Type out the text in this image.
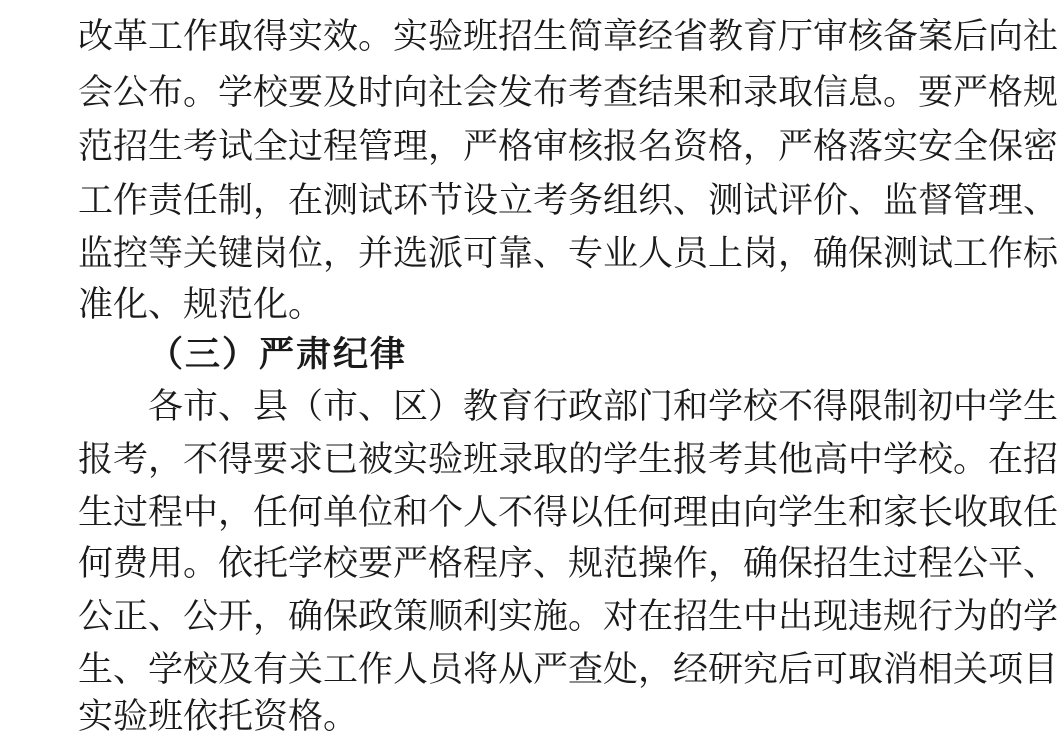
改革工作取得实效。实验班招生简章经省教育厅审核备案后向社
会公布。学校要及时向社会发布考查结果和录取信息。要严格规
范招生考试全过程管理，严格审核报名资格，严格落实安全保密
工作责任制，在测试环节设立考务组织、测试评价、监督管理、
监控等关键岗位，并选派可靠、专业人员上岗，确保测试工作标
准化、规范化。
（三）严肃纪律
各市、县（市、区）教育行政部门和学校不得限制初中学生
报考，不得要求已被实验班录取的学生报考其他高中学校。在招
生过程中，任何单位和个人不得以任何理由向学生和家长收取任
何费用。依托学校要严格程序、规范操作，确保招生过程公平、
公正、公开，确保政策顺利实施。对在招生中出现违规行为的学
生、学校及有关工作人员将从严查处，经研究后可取消相关项目
实验班依托资格。
